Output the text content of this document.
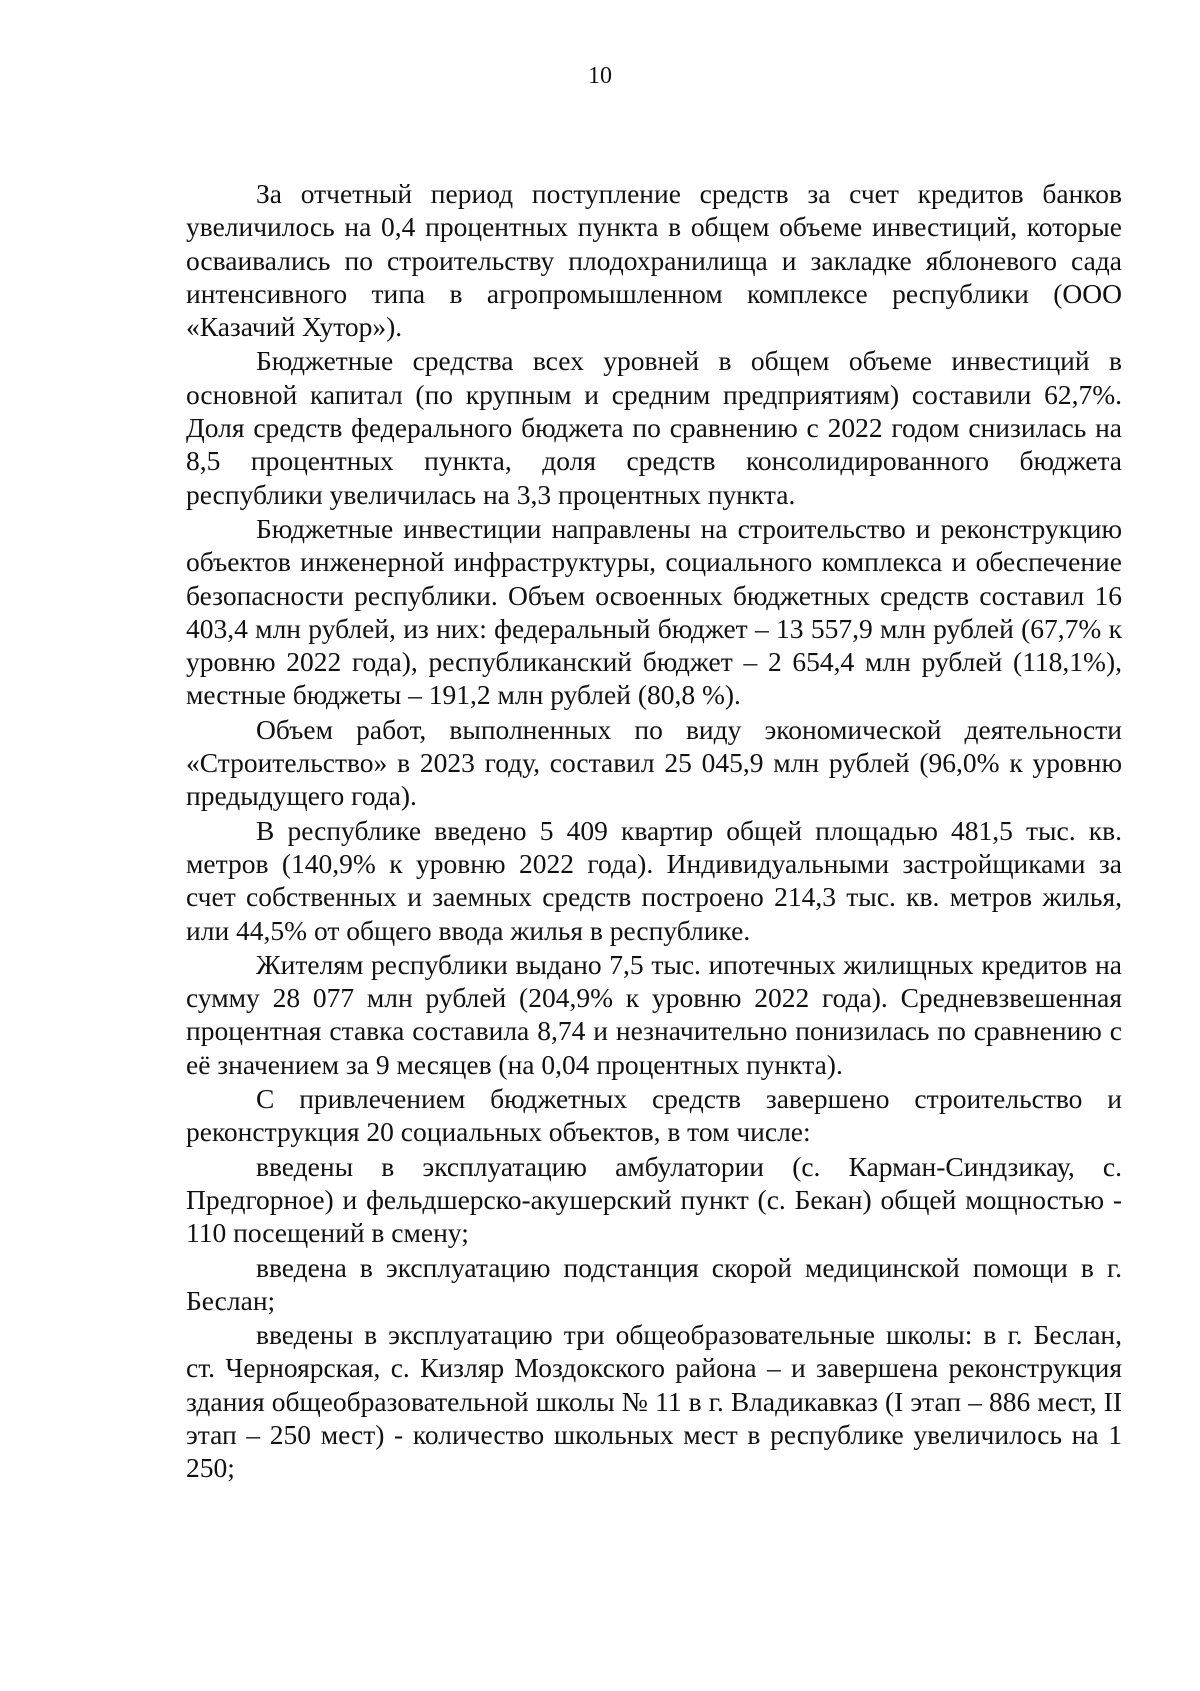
10

За отчетный период поступление средств за счет кредитов банков увеличилось на 0,4 процентных пункта в общем объеме инвестиций, которые осваивались по строительству плодохранилища и закладке яблоневого сада интенсивного типа в агропромышленном комплексе республики (ООО «Казачий Хутор»).

Бюджетные средства всех уровней в общем объеме инвестиций в основной капитал (по крупным и средним предприятиям) составили 62,7%. Доля средств федерального бюджета по сравнению с 2022 годом снизилась на 8,5 процентных пункта, доля средств консолидированного бюджета республики увеличилась на 3,3 процентных пункта.

Бюджетные инвестиции направлены на строительство и реконструкцию объектов инженерной инфраструктуры, социального комплекса и обеспечение безопасности республики. Объем освоенных бюджетных средств составил 16 403,4 млн рублей, из них: федеральный бюджет – 13 557,9 млн рублей (67,7% к уровню 2022 года), республиканский бюджет – 2 654,4 млн рублей (118,1%), местные бюджеты – 191,2 млн рублей (80,8 %).

Объем работ, выполненных по виду экономической деятельности «Строительство» в 2023 году, составил 25 045,9 млн рублей (96,0% к уровню предыдущего года).

В республике введено 5 409 квартир общей площадью 481,5 тыс. кв. метров (140,9% к уровню 2022 года). Индивидуальными застройщиками за счет собственных и заемных средств построено 214,3 тыс. кв. метров жилья, или 44,5% от общего ввода жилья в республике.

Жителям республики выдано 7,5 тыс. ипотечных жилищных кредитов на сумму 28 077 млн рублей (204,9% к уровню 2022 года). Средневзвешенная процентная ставка составила 8,74 и незначительно понизилась по сравнению с её значением за 9 месяцев (на 0,04 процентных пункта).

С привлечением бюджетных средств завершено строительство и реконструкция 20 социальных объектов, в том числе:

введены в эксплуатацию амбулатории (с. Карман-Синдзикау, с. Предгорное) и фельдшерско-акушерский пункт (с. Бекан) общей мощностью - 110 посещений в смену;

введена в эксплуатацию подстанция скорой медицинской помощи в г. Беслан;

введены в эксплуатацию три общеобразовательные школы: в г. Беслан, ст. Черноярская, с. Кизляр Моздокского района – и завершена реконструкция здания общеобразовательной школы № 11 в г. Владикавказ (I этап – 886 мест, II этап – 250 мест) - количество школьных мест в республике увеличилось на 1 250;
